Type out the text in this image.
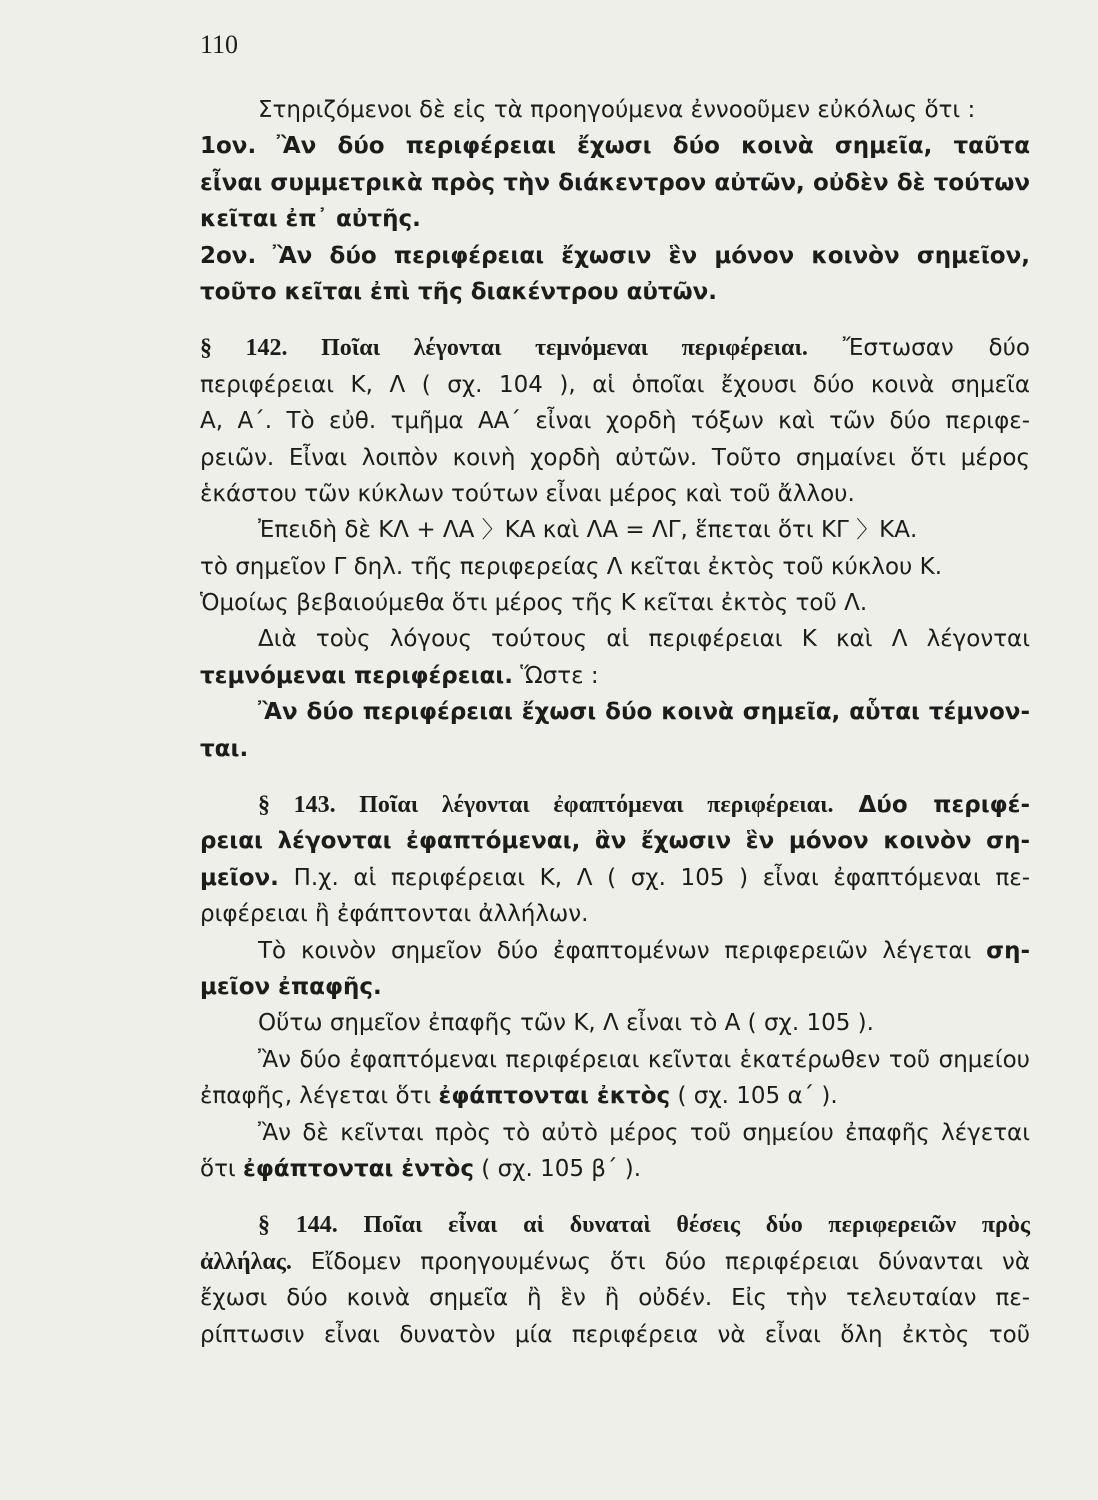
110
Στηριζόμενοι δὲ εἰς τὰ προηγούμενα ἐννοοῦμεν εὐκόλως ὅτι :
1ον. Ἂν δύο περιφέρειαι ἔχωσι δύο κοινὰ σημεῖα, ταῦτα
εἶναι συμμετρικὰ πρὸς τὴν διάκεντρον αὐτῶν, οὐδὲν δὲ τούτων
κεῖται ἐπ᾽ αὐτῆς.
2ον. Ἂν δύο περιφέρειαι ἔχωσιν ἓν μόνον κοινὸν σημεῖον,
τοῦτο κεῖται ἐπὶ τῆς διακέντρου αὐτῶν.
§ 142. Ποῖαι λέγονται τεμνόμεναι περιφέρειαι. Ἔστωσαν δύο
περιφέρειαι Κ, Λ ( σχ. 104 ), αἱ ὁποῖαι ἔχουσι δύο κοινὰ σημεῖα
Α, Α΄. Τὸ εὐθ. τμῆμα ΑΑ΄ εἶναι χορδὴ τόξων καὶ τῶν δύο περιφε-
ρειῶν. Εἶναι λοιπὸν κοινὴ χορδὴ αὐτῶν. Τοῦτο σημαίνει ὅτι μέρος
ἑκάστου τῶν κύκλων τούτων εἶναι μέρος καὶ τοῦ ἄλλου.
Ἐπειδὴ δὲ ΚΛ + ΛΑ 〉ΚΑ καὶ ΛΑ = ΛΓ, ἕπεται ὅτι ΚΓ 〉ΚΑ.
τὸ σημεῖον Γ δηλ. τῆς περιφερείας Λ κεῖται ἐκτὸς τοῦ κύκλου Κ.
Ὁμοίως βεβαιούμεθα ὅτι μέρος τῆς Κ κεῖται ἐκτὸς τοῦ Λ.
Διὰ τοὺς λόγους τούτους αἱ περιφέρειαι Κ καὶ Λ λέγονται
τεμνόμεναι περιφέρειαι. Ὥστε :
Ἂν δύο περιφέρειαι ἔχωσι δύο κοινὰ σημεῖα, αὗται τέμνον-
ται.
§ 143. Ποῖαι λέγονται ἐφαπτόμεναι περιφέρειαι. Δύο περιφέ-
ρειαι λέγονται ἐφαπτόμεναι, ἂν ἔχωσιν ἓν μόνον κοινὸν ση-
μεῖον. Π.χ. αἱ περιφέρειαι Κ, Λ ( σχ. 105 ) εἶναι ἐφαπτόμεναι πε-
ριφέρειαι ἢ ἐφάπτονται ἀλλήλων.
Τὸ κοινὸν σημεῖον δύο ἐφαπτομένων περιφερειῶν λέγεται ση-
μεῖον ἐπαφῆς.
Οὕτω σημεῖον ἐπαφῆς τῶν Κ, Λ εἶναι τὸ Α ( σχ. 105 ).
Ἂν δύο ἐφαπτόμεναι περιφέρειαι κεῖνται ἑκατέρωθεν τοῦ σημείου
ἐπαφῆς, λέγεται ὅτι ἐφάπτονται ἐκτὸς ( σχ. 105 α΄ ).
Ἂν δὲ κεῖνται πρὸς τὸ αὐτὸ μέρος τοῦ σημείου ἐπαφῆς λέγεται
ὅτι ἐφάπτονται ἐντὸς ( σχ. 105 β΄ ).
§ 144. Ποῖαι εἶναι αἱ δυναταὶ θέσεις δύο περιφερειῶν πρὸς
ἀλλήλας. Εἴδομεν προηγουμένως ὅτι δύο περιφέρειαι δύνανται νὰ
ἔχωσι δύο κοινὰ σημεῖα ἢ ἓν ἢ οὐδέν. Εἰς τὴν τελευταίαν πε-
ρίπτωσιν εἶναι δυνατὸν μία περιφέρεια νὰ εἶναι ὅλη ἐκτὸς τοῦ
